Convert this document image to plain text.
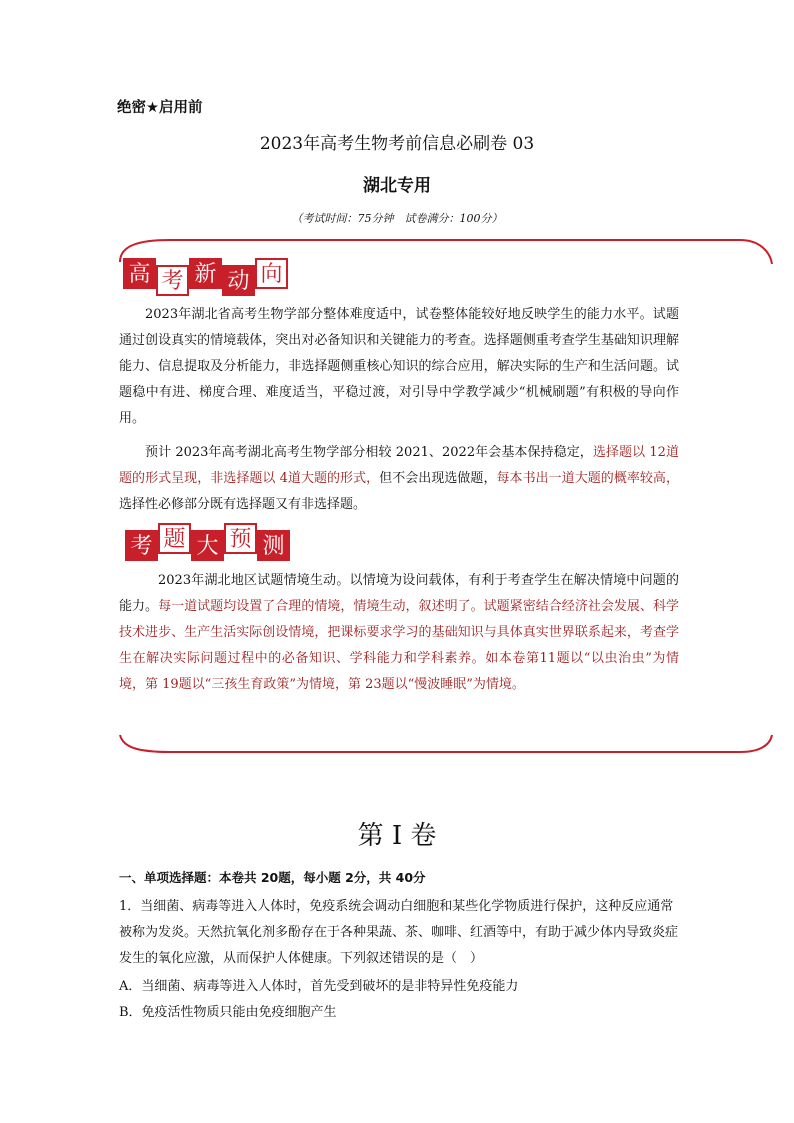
绝密★启用前
2023年高考生物考前信息必刷卷 03
湖北专用
（考试时间：75分钟　试卷满分：100分）
高 考 新 动 向
2023年湖北省高考生物学部分整体难度适中，试卷整体能较好地反映学生的能力水平。试题通过创设真实的情境载体，突出对必备知识和关键能力的考查。选择题侧重考查学生基础知识理解能力、信息提取及分析能力，非选择题侧重核心知识的综合应用，解决实际的生产和生活问题。试题稳中有进、梯度合理、难度适当，平稳过渡，对引导中学教学减少“机械刷题”有积极的导向作用。
预计 2023年高考湖北高考生物学部分相较 2021、2022年会基本保持稳定，选择题以 12道题的形式呈现，非选择题以 4道大题的形式，但不会出现选做题，每本书出一道大题的概率较高，选择性必修部分既有选择题又有非选择题。
考 题 大 预 测
2023年湖北地区试题情境生动。以情境为设问载体，有利于考查学生在解决情境中问题的能力。每一道试题均设置了合理的情境，情境生动，叙述明了。试题紧密结合经济社会发展、科学技术进步、生产生活实际创设情境，把课标要求学习的基础知识与具体真实世界联系起来，考查学生在解决实际问题过程中的必备知识、学科能力和学科素养。如本卷第11题以“以虫治虫”为情境，第 19题以“三孩生育政策”为情境，第 23题以“慢波睡眠”为情境。
第 I 卷
一、单项选择题：本卷共 20题，每小题 2分，共 40分
1．当细菌、病毒等进入人体时，免疫系统会调动白细胞和某些化学物质进行保护，这种反应通常被称为发炎。天然抗氧化剂多酚存在于各种果蔬、茶、咖啡、红酒等中，有助于减少体内导致炎症发生的氧化应激，从而保护人体健康。下列叙述错误的是（　）
A．当细菌、病毒等进入人体时，首先受到破坏的是非特异性免疫能力
B．免疫活性物质只能由免疫细胞产生
